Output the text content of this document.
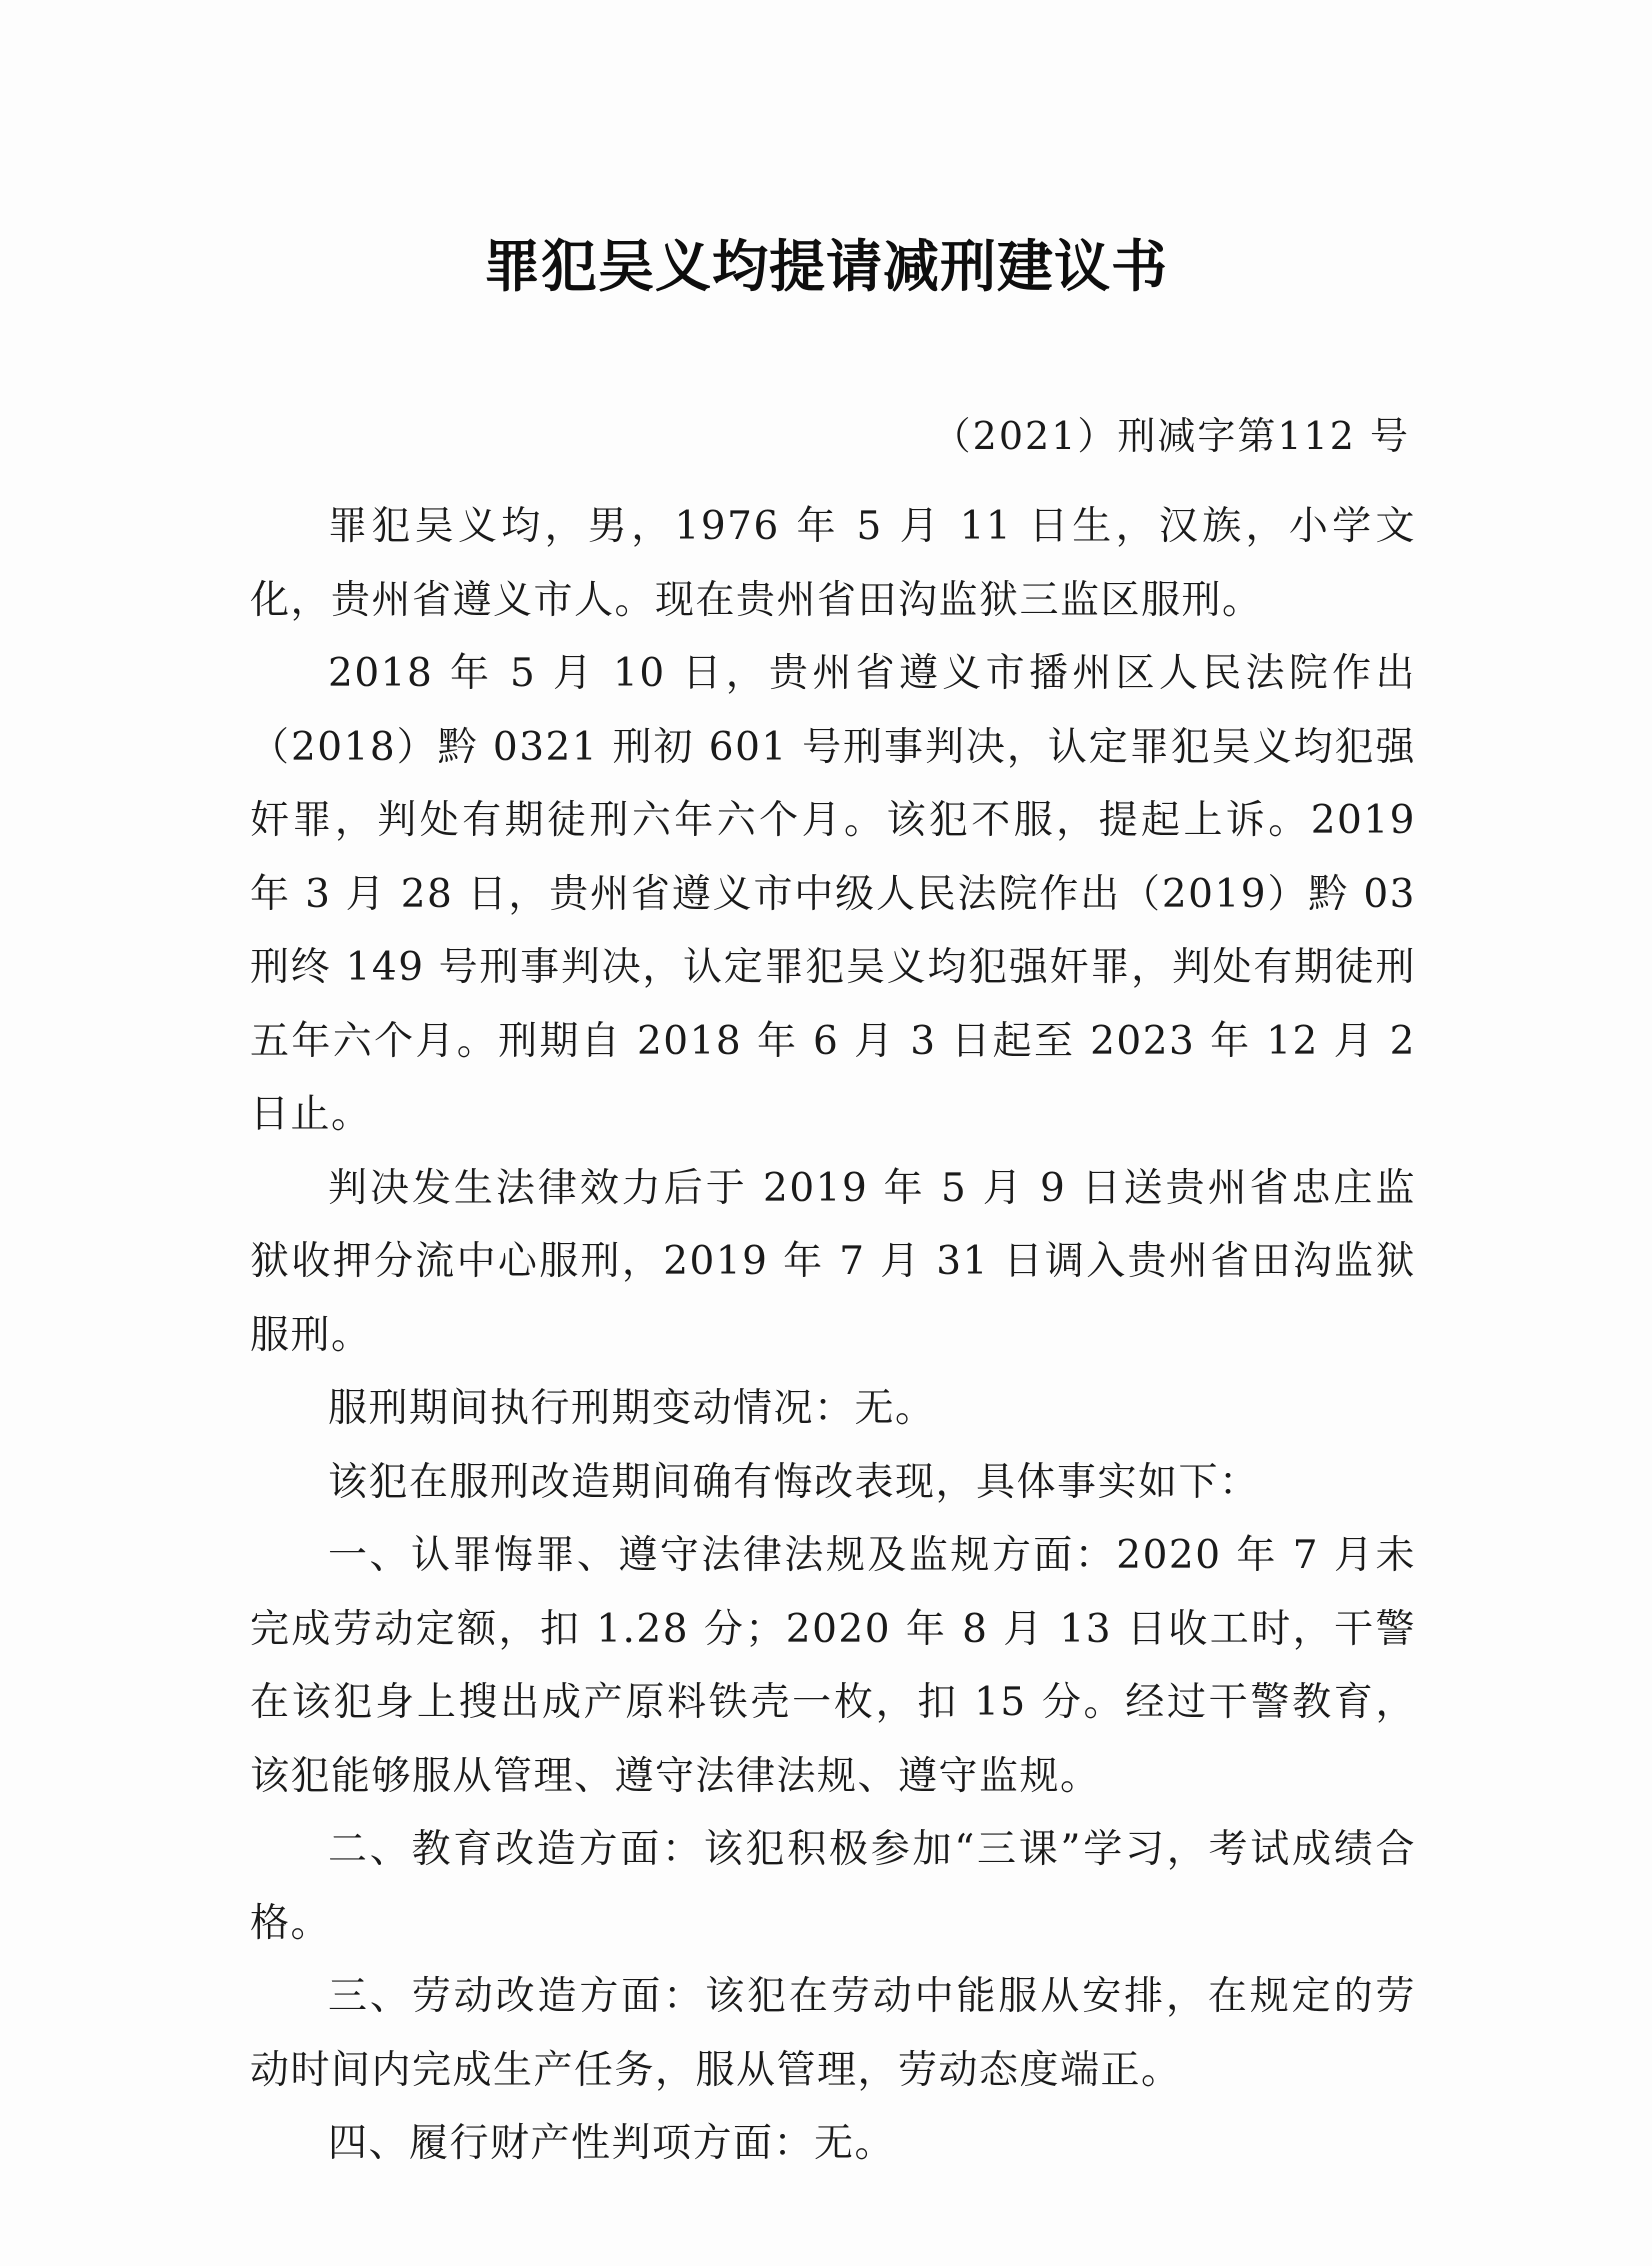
罪犯吴义均提请减刑建议书
（2021）刑减字第112 号

罪犯吴义均，男，1976 年 5 月 11 日生，汉族，小学文化，贵州省遵义市人。现在贵州省田沟监狱三监区服刑。

2018 年 5 月 10 日，贵州省遵义市播州区人民法院作出（2018）黔 0321 刑初 601 号刑事判决，认定罪犯吴义均犯强奸罪，判处有期徒刑六年六个月。该犯不服，提起上诉。2019 年 3 月 28 日，贵州省遵义市中级人民法院作出（2019）黔 03 刑终 149 号刑事判决，认定罪犯吴义均犯强奸罪，判处有期徒刑五年六个月。刑期自 2018 年 6 月 3 日起至 2023 年 12 月 2 日止。

判决发生法律效力后于 2019 年 5 月 9 日送贵州省忠庄监狱收押分流中心服刑，2019 年 7 月 31 日调入贵州省田沟监狱服刑。

服刑期间执行刑期变动情况：无。

该犯在服刑改造期间确有悔改表现，具体事实如下：

一、认罪悔罪、遵守法律法规及监规方面：2020 年 7 月未完成劳动定额，扣 1.28 分；2020 年 8 月 13 日收工时，干警在该犯身上搜出成产原料铁壳一枚，扣 15 分。经过干警教育，该犯能够服从管理、遵守法律法规、遵守监规。

二、教育改造方面：该犯积极参加“三课”学习，考试成绩合格。

三、劳动改造方面：该犯在劳动中能服从安排，在规定的劳动时间内完成生产任务，服从管理，劳动态度端正。

四、履行财产性判项方面：无。
